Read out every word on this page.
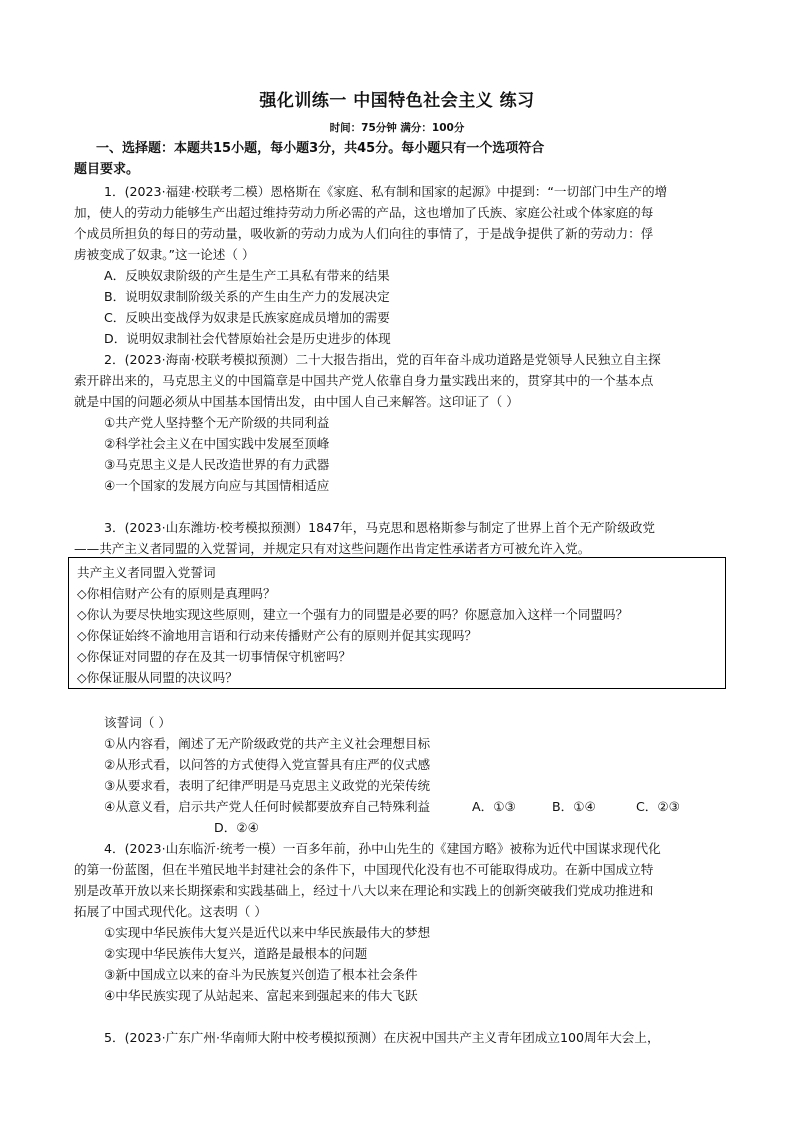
强化训练一 中国特色社会主义 练习
时间：75分钟 满分：100分
一、选择题：本题共15小题，每小题3分，共45分。每小题只有一个选项符合
题目要求。
1．(2023·福建·校联考二模）恩格斯在《家庭、私有制和国家的起源》中提到：“一切部门中生产的增
加，使人的劳动力能够生产出超过维持劳动力所必需的产品，这也增加了氏族、家庭公社或个体家庭的每
个成员所担负的每日的劳动量，吸收新的劳动力成为人们向往的事情了，于是战争提供了新的劳动力：俘
虏被变成了奴隶。”这一论述（ ）
A．反映奴隶阶级的产生是生产工具私有带来的结果
B．说明奴隶制阶级关系的产生由生产力的发展决定
C．反映出变战俘为奴隶是氏族家庭成员增加的需要
D．说明奴隶制社会代替原始社会是历史进步的体现
2．(2023·海南·校联考模拟预测）二十大报告指出，党的百年奋斗成功道路是党领导人民独立自主探
索开辟出来的，马克思主义的中国篇章是中国共产党人依靠自身力量实践出来的，贯穿其中的一个基本点
就是中国的问题必须从中国基本国情出发，由中国人自己来解答。这印证了（ ）
①共产党人坚持整个无产阶级的共同利益
②科学社会主义在中国实践中发展至顶峰
③马克思主义是人民改造世界的有力武器
④一个国家的发展方向应与其国情相适应
3．(2023·山东潍坊·校考模拟预测）1847年，马克思和恩格斯参与制定了世界上首个无产阶级政党
——共产主义者同盟的入党誓词，并规定只有对这些问题作出肯定性承诺者方可被允许入党。
共产主义者同盟入党誓词
◇你相信财产公有的原则是真理吗？
◇你认为要尽快地实现这些原则，建立一个强有力的同盟是必要的吗？你愿意加入这样一个同盟吗？
◇你保证始终不渝地用言语和行动来传播财产公有的原则并促其实现吗？
◇你保证对同盟的存在及其一切事情保守机密吗？
◇你保证服从同盟的决议吗？
该誓词（ ）
①从内容看，阐述了无产阶级政党的共产主义社会理想目标
②从形式看，以问答的方式使得入党宣誓具有庄严的仪式感
③从要求看，表明了纪律严明是马克思主义政党的光荣传统
④从意义看，启示共产党人任何时候都要放弃自己特殊利益	A．①③	B．①④	C．②③
D．②④
4．(2023·山东临沂·统考一模）一百多年前，孙中山先生的《建国方略》被称为近代中国谋求现代化
的第一份蓝图，但在半殖民地半封建社会的条件下，中国现代化没有也不可能取得成功。在新中国成立特
别是改革开放以来长期探索和实践基础上，经过十八大以来在理论和实践上的创新突破我们党成功推进和
拓展了中国式现代化。这表明（ ）
①实现中华民族伟大复兴是近代以来中华民族最伟大的梦想
②实现中华民族伟大复兴，道路是最根本的问题
③新中国成立以来的奋斗为民族复兴创造了根本社会条件
④中华民族实现了从站起来、富起来到强起来的伟大飞跃
5．(2023·广东广州·华南师大附中校考模拟预测）在庆祝中国共产主义青年团成立100周年大会上，
